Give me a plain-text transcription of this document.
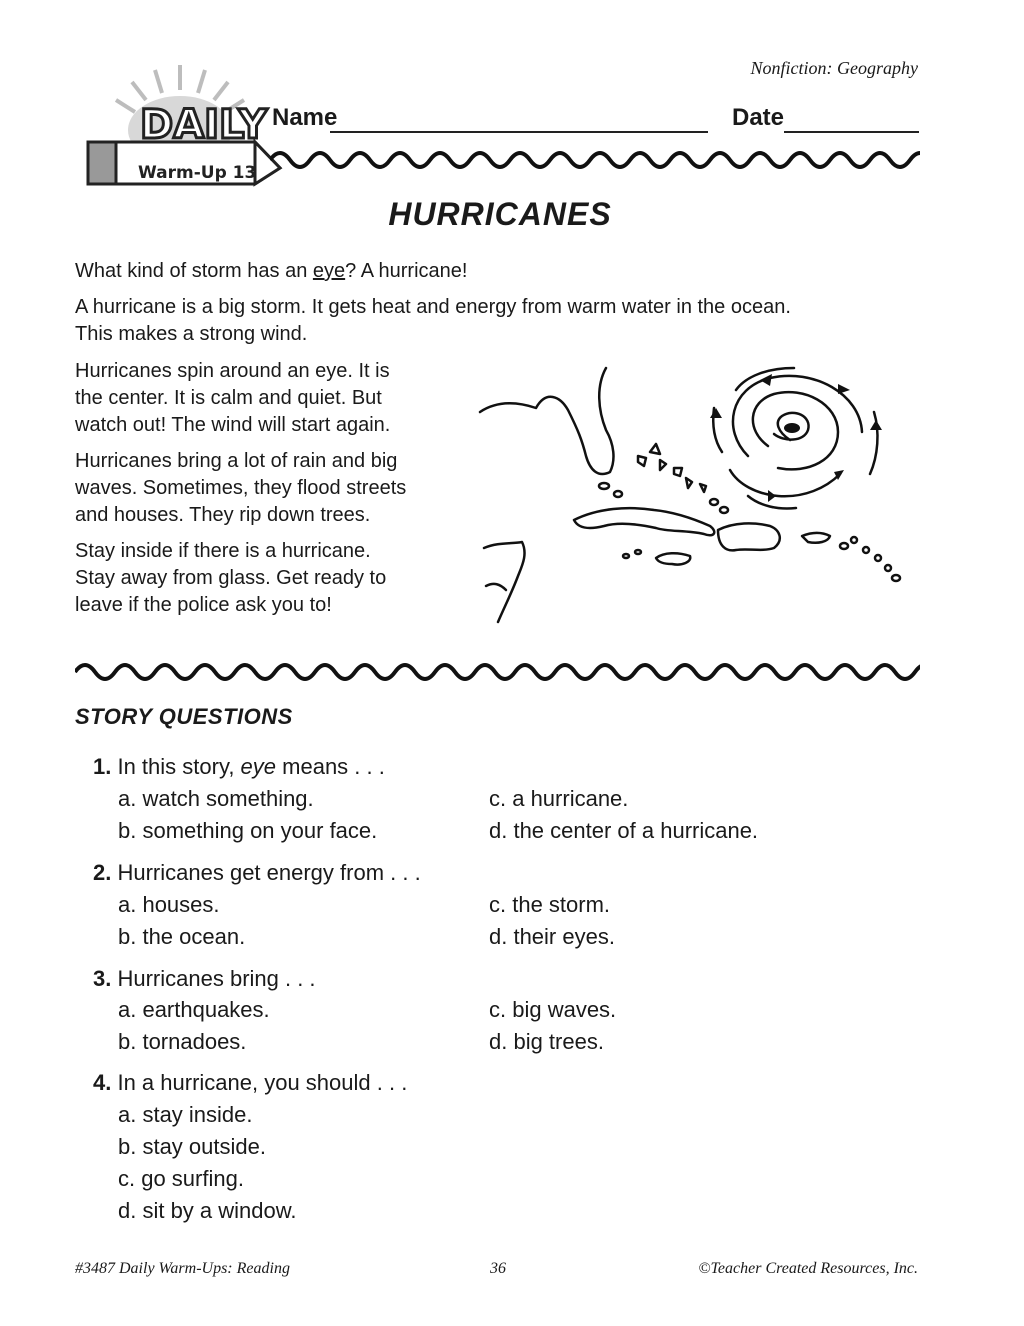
Nonfiction: Geography
DAILY
Warm-Up 13
Name	Date
HURRICANES

What kind of storm has an eye? A hurricane!

A hurricane is a big storm. It gets heat and energy from warm water in the ocean.
This makes a strong wind.

Hurricanes spin around an eye. It is
the center. It is calm and quiet. But
watch out! The wind will start again.

Hurricanes bring a lot of rain and big
waves. Sometimes, they flood streets
and houses. They rip down trees.

Stay inside if there is a hurricane.
Stay away from glass. Get ready to
leave if the police ask you to!

STORY QUESTIONS
1. In this story, eye means . . .
a. watch something.
b. something on your face.
c. a hurricane.
d. the center of a hurricane.
2. Hurricanes get energy from . . .
a. houses.
b. the ocean.
c. the storm.
d. their eyes.
3. Hurricanes bring . . .
a. earthquakes.
b. tornadoes.
c. big waves.
d. big trees.
4. In a hurricane, you should . . .
a. stay inside.
b. stay outside.
c. go surfing.
d. sit by a window.
#3487 Daily Warm-Ups: Reading	36	©Teacher Created Resources, Inc.
